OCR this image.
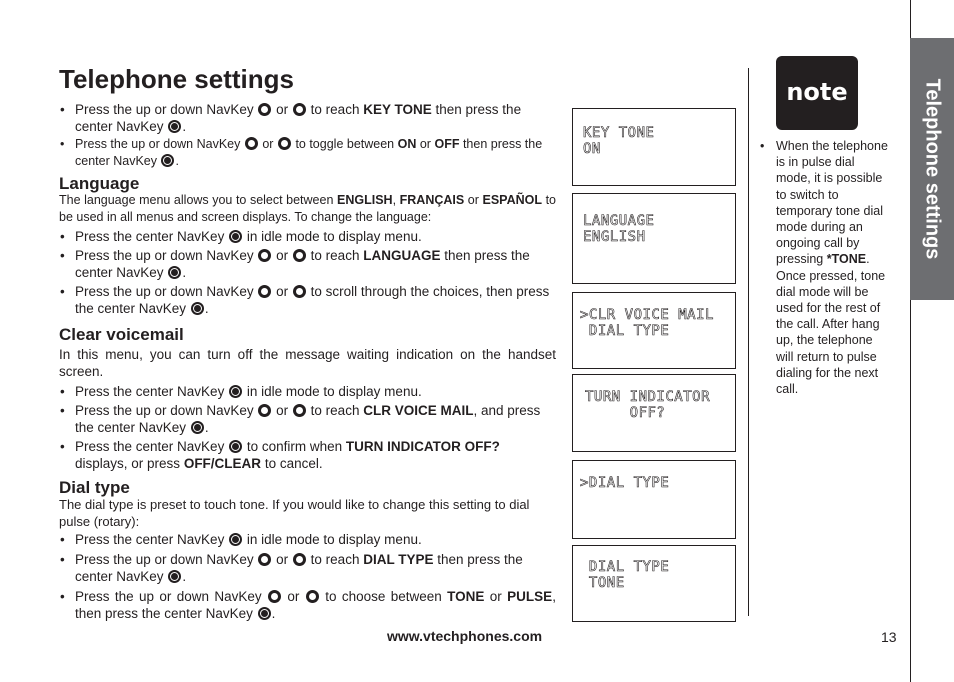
Telephone settings
• Press the up or down NavKey or to reach KEY TONE then press the center NavKey .
• Press the up or down NavKey or to toggle between ON or OFF then press the center NavKey .
Language
The language menu allows you to select between ENGLISH, FRANÇAIS or ESPAÑOL to be used in all menus and screen displays. To change the language:
• Press the center NavKey in idle mode to display menu.
• Press the up or down NavKey or to reach LANGUAGE then press the center NavKey .
• Press the up or down NavKey or to scroll through the choices, then press the center NavKey .
Clear voicemail
In this menu, you can turn off the message waiting indication on the handset screen.
• Press the center NavKey in idle mode to display menu.
• Press the up or down NavKey or to reach CLR VOICE MAIL, and press the center NavKey .
• Press the center NavKey to confirm when TURN INDICATOR OFF? displays, or press OFF/CLEAR to cancel.
Dial type
The dial type is preset to touch tone. If you would like to change this setting to dial pulse (rotary):
• Press the center NavKey in idle mode to display menu.
• Press the up or down NavKey or to reach DIAL TYPE then press the center NavKey .
• Press the up or down NavKey or to choose between TONE or PULSE, then press the center NavKey .
KEY TONE
ON
LANGUAGE
ENGLISH
>CLR VOICE MAIL
DIAL TYPE
TURN INDICATOR
OFF?
>DIAL TYPE
DIAL TYPE
TONE
note
• When the telephone is in pulse dial mode, it is possible to switch to temporary tone dial mode during an ongoing call by pressing *TONE. Once pressed, tone dial mode will be used for the rest of the call. After hang up, the telephone will return to pulse dialing for the next call.
Telephone settings
www.vtechphones.com	13
